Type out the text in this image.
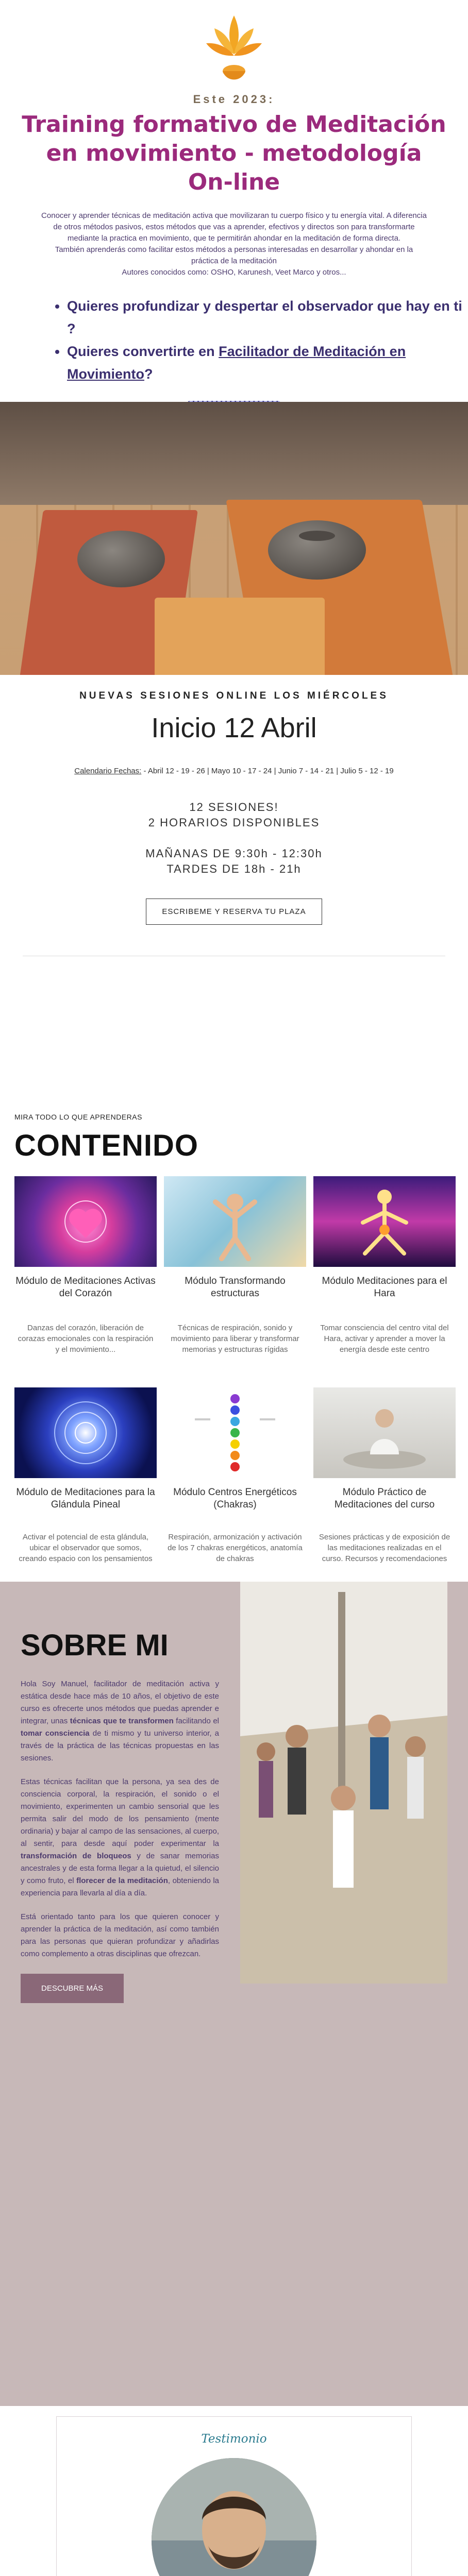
Este 2023:
Training formativo de Meditación en movimiento - metodología On-line

Conocer y aprender técnicas de meditación activa que movilizaran tu cuerpo físico y tu energía vital. A diferencia de otros métodos pasivos, estos métodos que vas a aprender, efectivos y directos son para transformarte mediante la practica en movimiento, que te permitirán ahondar en la meditación de forma directa.

También aprenderás como facilitar estos métodos a personas interesadas en desarrollar y ahondar en la práctica de la meditación

Autores conocidos como: OSHO, Karunesh, Veet Marco y otros...

• Quieres profundizar y despertar el observador que hay en ti ?
• Quieres convertirte en Facilitador de Meditación en Movimiento?
NUEVAS SESIONES ONLINE LOS MIÉRCOLES
Inicio 12 Abril
Calendario Fechas: - Abril 12 - 19 - 26 | Mayo 10 - 17 - 24 | Junio 7 - 14 - 21 | Julio 5 - 12 - 19
12 SESIONES!
2 HORARIOS DISPONIBLES
MAÑANAS DE 9:30h - 12:30h
TARDES DE 18h - 21h
ESCRIBEME Y RESERVA TU PLAZA
MIRA TODO LO QUE APRENDERAS
CONTENIDO
Módulo de Meditaciones Activas del Corazón
Danzas del corazón, liberación de corazas emocionales con la respiración y el movimiento...
Módulo Transformando estructuras
Técnicas de respiración, sonido y movimiento para liberar y transformar memorias y estructuras rígidas
Módulo Meditaciones para el Hara
Tomar consciencia del centro vital del Hara, activar y aprender a mover la energía desde este centro
Módulo de Meditaciones para la Glándula Pineal
Activar el potencial de esta glándula, ubicar el observador que somos, creando espacio con los pensamientos
Módulo Centros Energéticos (Chakras)
Respiración, armonización y activación de los 7 chakras energéticos, anatomía de chakras
Módulo Práctico de Meditaciones del curso
Sesiones prácticas y de exposición de las meditaciones realizadas en el curso. Recursos y recomendaciones
SOBRE MI

Hola Soy Manuel, facilitador de meditación activa y estática desde hace más de 10 años, el objetivo de este curso es ofrecerte unos métodos que puedas aprender e integrar, unas técnicas que te transformen facilitando el tomar consciencia de ti mismo y tu universo interior, a través de la práctica de las técnicas propuestas en las sesiones.

Estas técnicas facilitan que la persona, ya sea des de consciencia corporal, la respiración, el sonido o el movimiento, experimenten un cambio sensorial que les permita salir del modo de los pensamiento (mente ordinaria) y bajar al campo de las sensaciones, al cuerpo, al sentir, para desde aquí poder experimentar la transformación de bloqueos y de sanar memorias ancestrales y de esta forma llegar a la quietud, el silencio y como fruto, el florecer de la meditación, obteniendo la experiencia para llevarla al día a día.

Está orientado tanto para los que quieren conocer y aprender la práctica de la meditación, así como también para las personas que quieran profundizar y añadirlas como complemento a otras disciplinas que ofrezcan.

DESCUBRE MÁS
Testimonio
